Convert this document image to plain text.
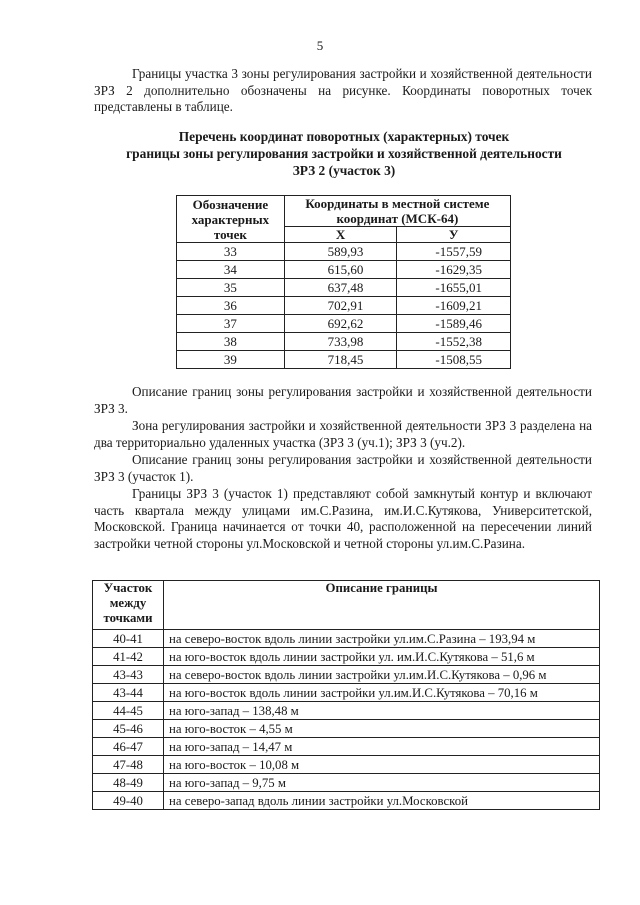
5

Границы участка 3 зоны регулирования застройки и хозяйственной деятельности ЗРЗ 2 дополнительно обозначены на рисунке. Координаты поворотных точек представлены в таблице.

Перечень координат поворотных (характерных) точек
границы зоны регулирования застройки и хозяйственной деятельности
ЗРЗ 2 (участок 3)
Обозначение характерных точек	Координаты в местной системе координат (МСК-64)	
	X	У
33	589,93	-1557,59
34	615,60	-1629,35
35	637,48	-1655,01
36	702,91	-1609,21
37	692,62	-1589,46
38	733,98	-1552,38
39	718,45	-1508,55

Описание границ зоны регулирования застройки и хозяйственной деятельности ЗРЗ 3.

Зона регулирования застройки и хозяйственной деятельности ЗРЗ 3 разделена на два территориально удаленных участка (ЗРЗ 3 (уч.1); ЗРЗ 3 (уч.2).

Описание границ зоны регулирования застройки и хозяйственной деятельности ЗРЗ 3 (участок 1).

Границы ЗРЗ 3 (участок 1) представляют собой замкнутый контур и включают часть квартала между улицами им.С.Разина, им.И.С.Кутякова, Университетской, Московской. Граница начинается от точки 40, расположенной на пересечении линий застройки четной стороны ул.Московской и четной стороны ул.им.С.Разина.

Участок между точками	Описание границы
40-41	на северо-восток вдоль линии застройки ул.им.С.Разина – 193,94 м
41-42	на юго-восток вдоль линии застройки ул. им.И.С.Кутякова – 51,6 м
43-43	на северо-восток вдоль линии застройки ул.им.И.С.Кутякова – 0,96 м
43-44	на юго-восток вдоль линии застройки ул.им.И.С.Кутякова – 70,16 м
44-45	на юго-запад – 138,48 м
45-46	на юго-восток – 4,55 м
46-47	на юго-запад – 14,47 м
47-48	на юго-восток – 10,08 м
48-49	на юго-запад – 9,75 м
49-40	на северо-запад вдоль линии застройки ул.Московской
